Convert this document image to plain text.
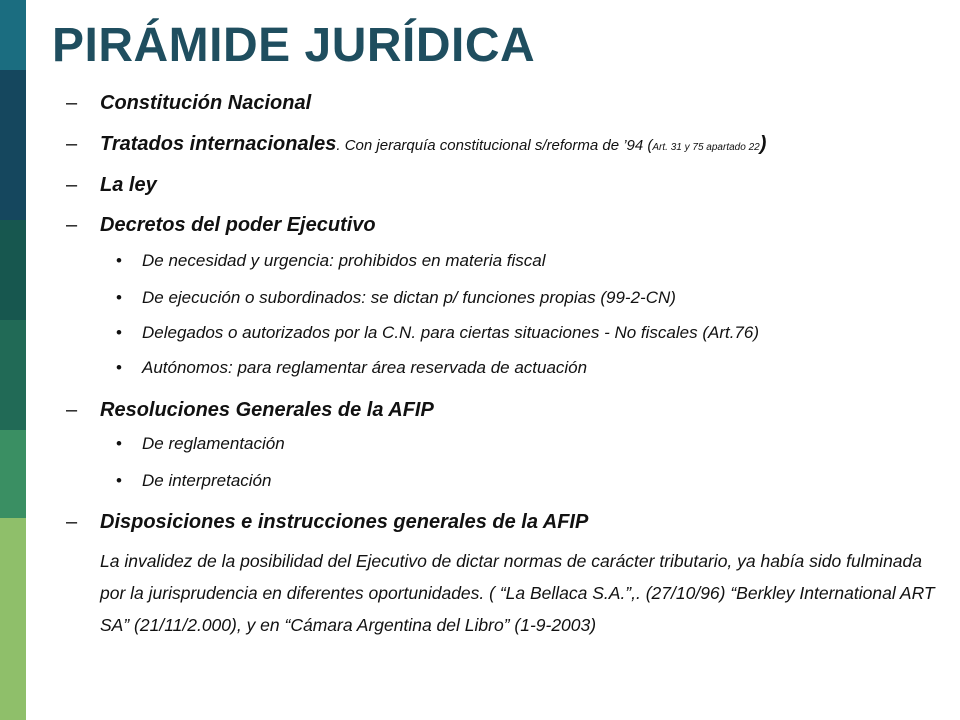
PIRÁMIDE JURÍDICA
– Constitución Nacional
– Tratados internacionales. Con jerarquía constitucional s/reforma de ’94 (Art. 31 y 75 apartado 22)
– La ley
– Decretos del poder Ejecutivo
• De necesidad y urgencia: prohibidos en materia fiscal
• De ejecución o subordinados: se dictan p/ funciones propias (99-2-CN)
• Delegados o autorizados por la C.N. para ciertas situaciones - No fiscales (Art.76)
• Autónomos: para reglamentar área reservada de actuación
– Resoluciones Generales de la AFIP
• De reglamentación
• De interpretación
– Disposiciones e instrucciones generales de la AFIP

La invalidez de la posibilidad del Ejecutivo de dictar normas de carácter tributario, ya había sido fulminada por la jurisprudencia en diferentes oportunidades. ( “La Bellaca S.A.”,. (27/10/96) “Berkley International ART SA” (21/11/2.000), y en “Cámara Argentina del Libro” (1-9-2003)
